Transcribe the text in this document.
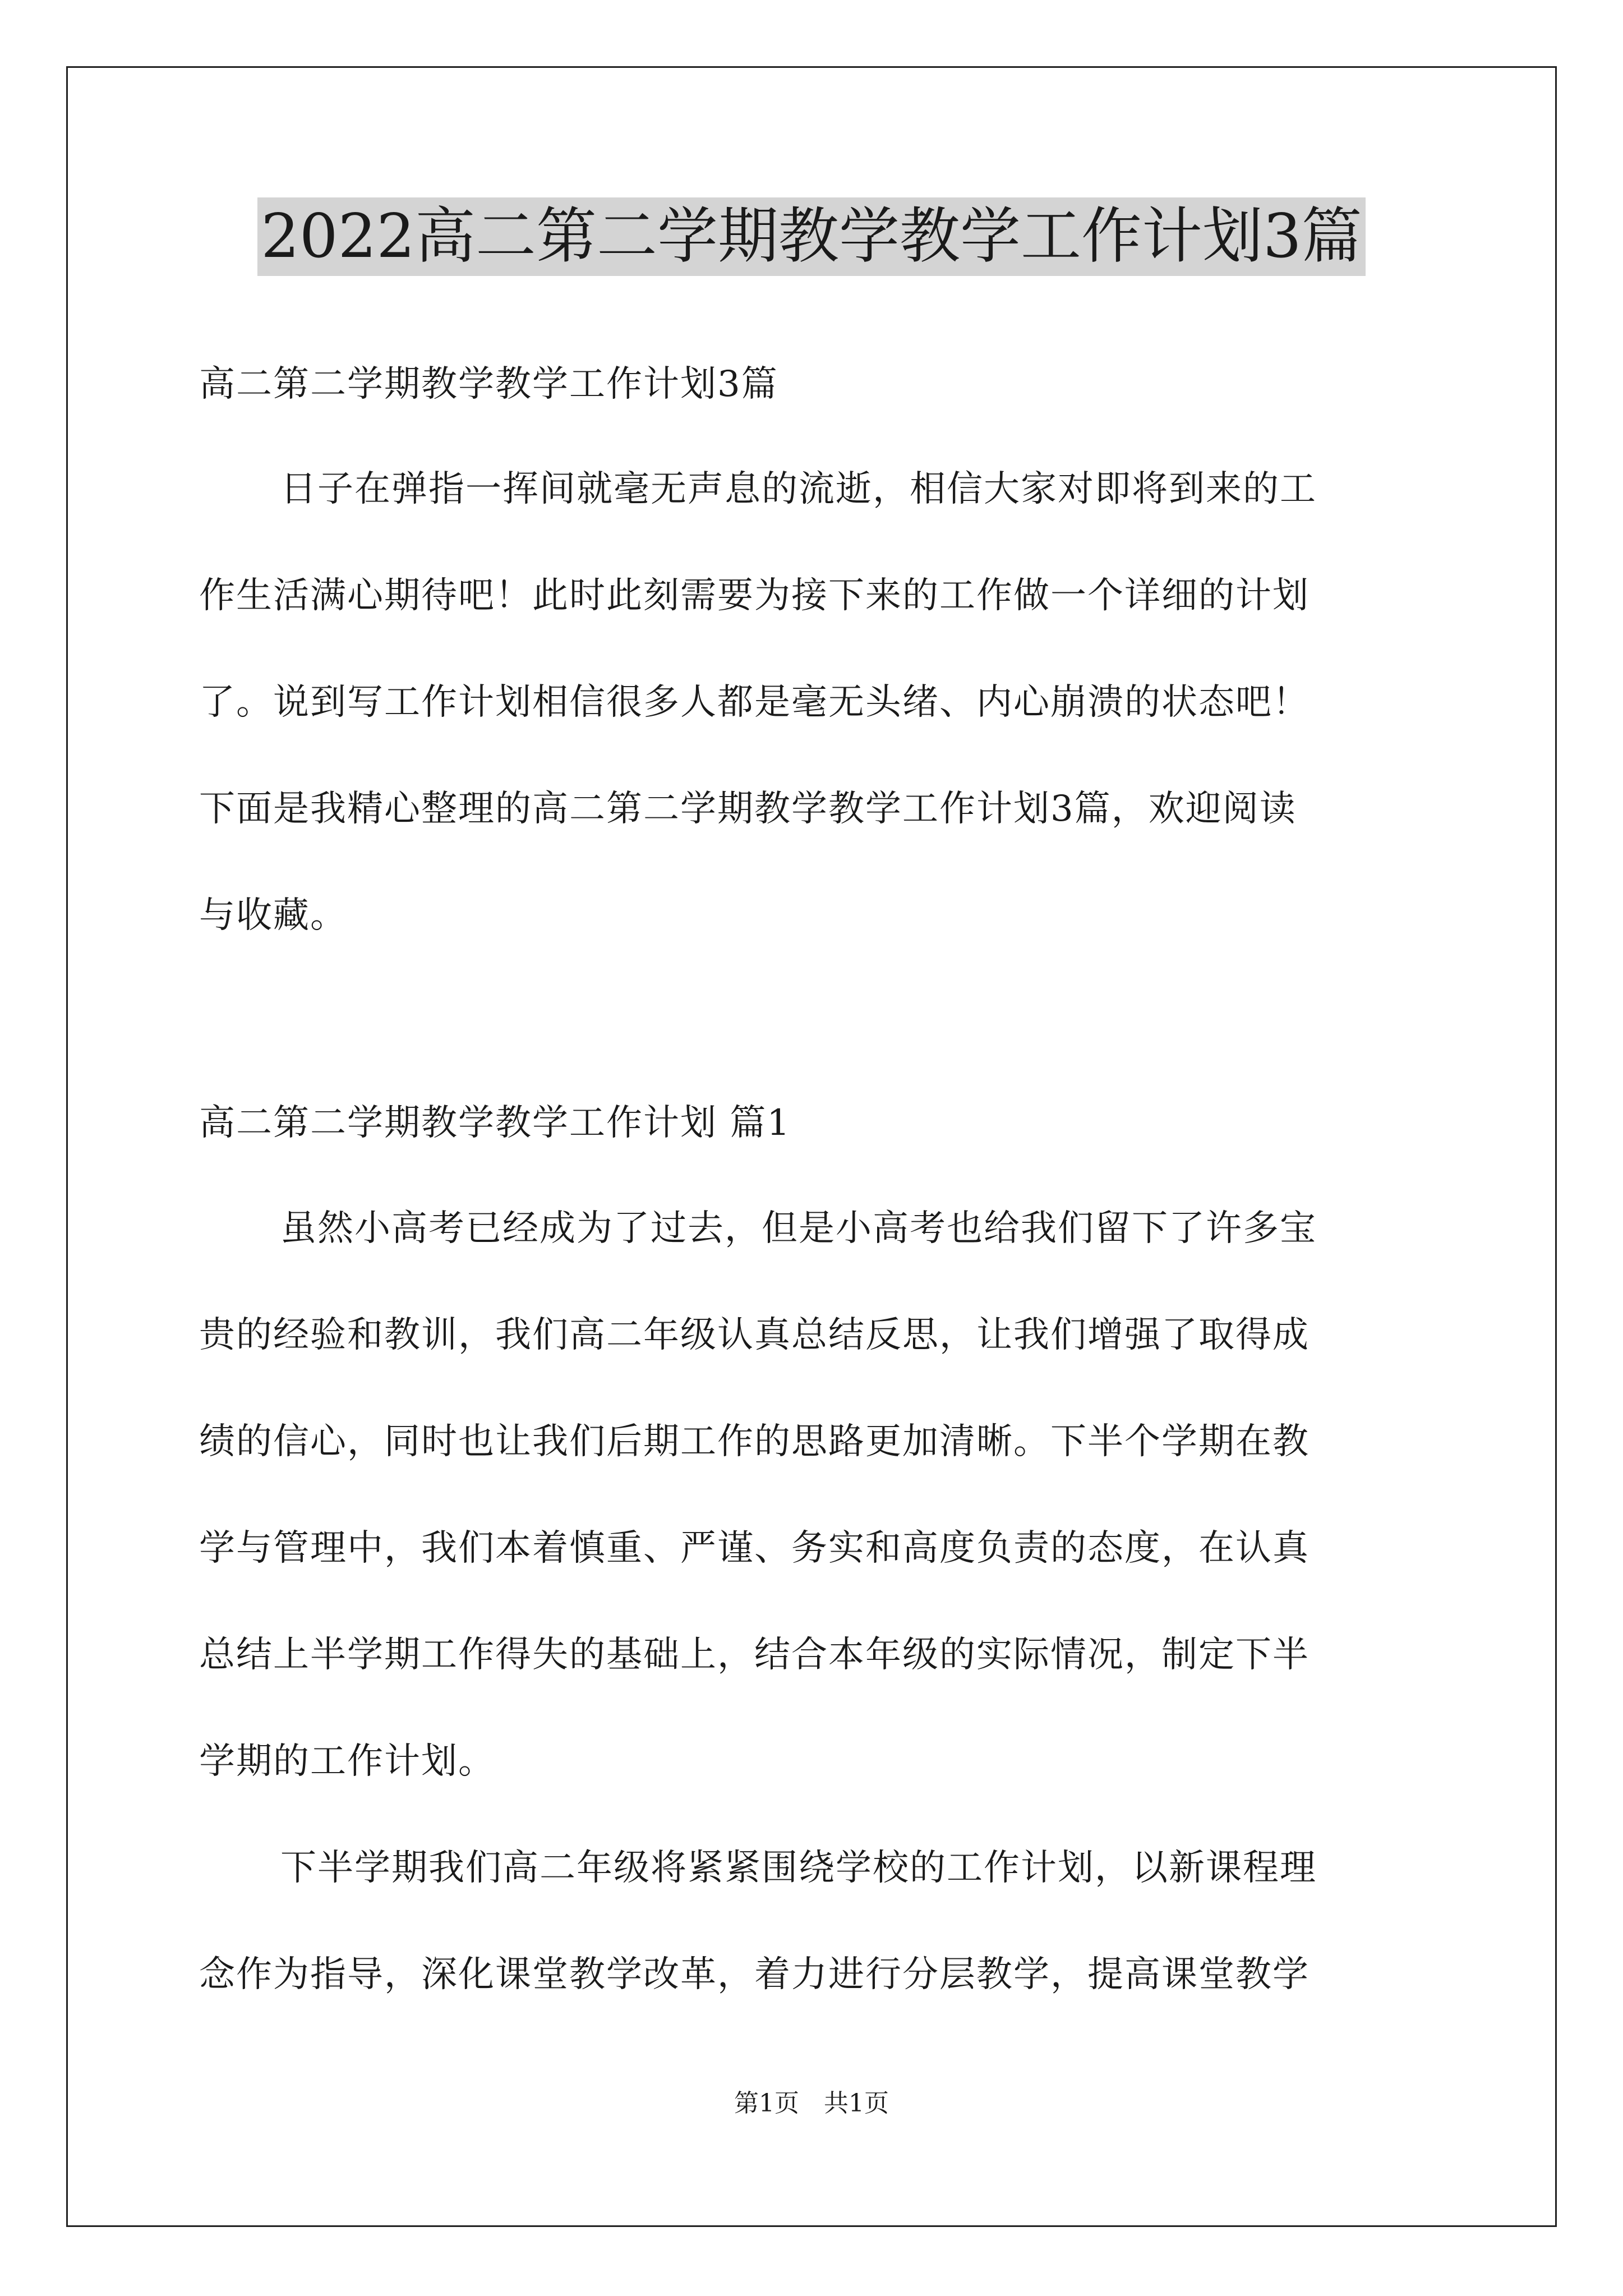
2022高二第二学期教学教学工作计划3篇
高二第二学期教学教学工作计划3篇
日子在弹指一挥间就毫无声息的流逝，相信大家对即将到来的工
作生活满心期待吧！此时此刻需要为接下来的工作做一个详细的计划
了。说到写工作计划相信很多人都是毫无头绪、内心崩溃的状态吧！
下面是我精心整理的高二第二学期教学教学工作计划3篇，欢迎阅读
与收藏。
高二第二学期教学教学工作计划 篇1
虽然小高考已经成为了过去，但是小高考也给我们留下了许多宝
贵的经验和教训，我们高二年级认真总结反思，让我们增强了取得成
绩的信心，同时也让我们后期工作的思路更加清晰。下半个学期在教
学与管理中，我们本着慎重、严谨、务实和高度负责的态度，在认真
总结上半学期工作得失的基础上，结合本年级的实际情况，制定下半
学期的工作计划。
下半学期我们高二年级将紧紧围绕学校的工作计划，以新课程理
念作为指导，深化课堂教学改革，着力进行分层教学，提高课堂教学
第1页　共1页
